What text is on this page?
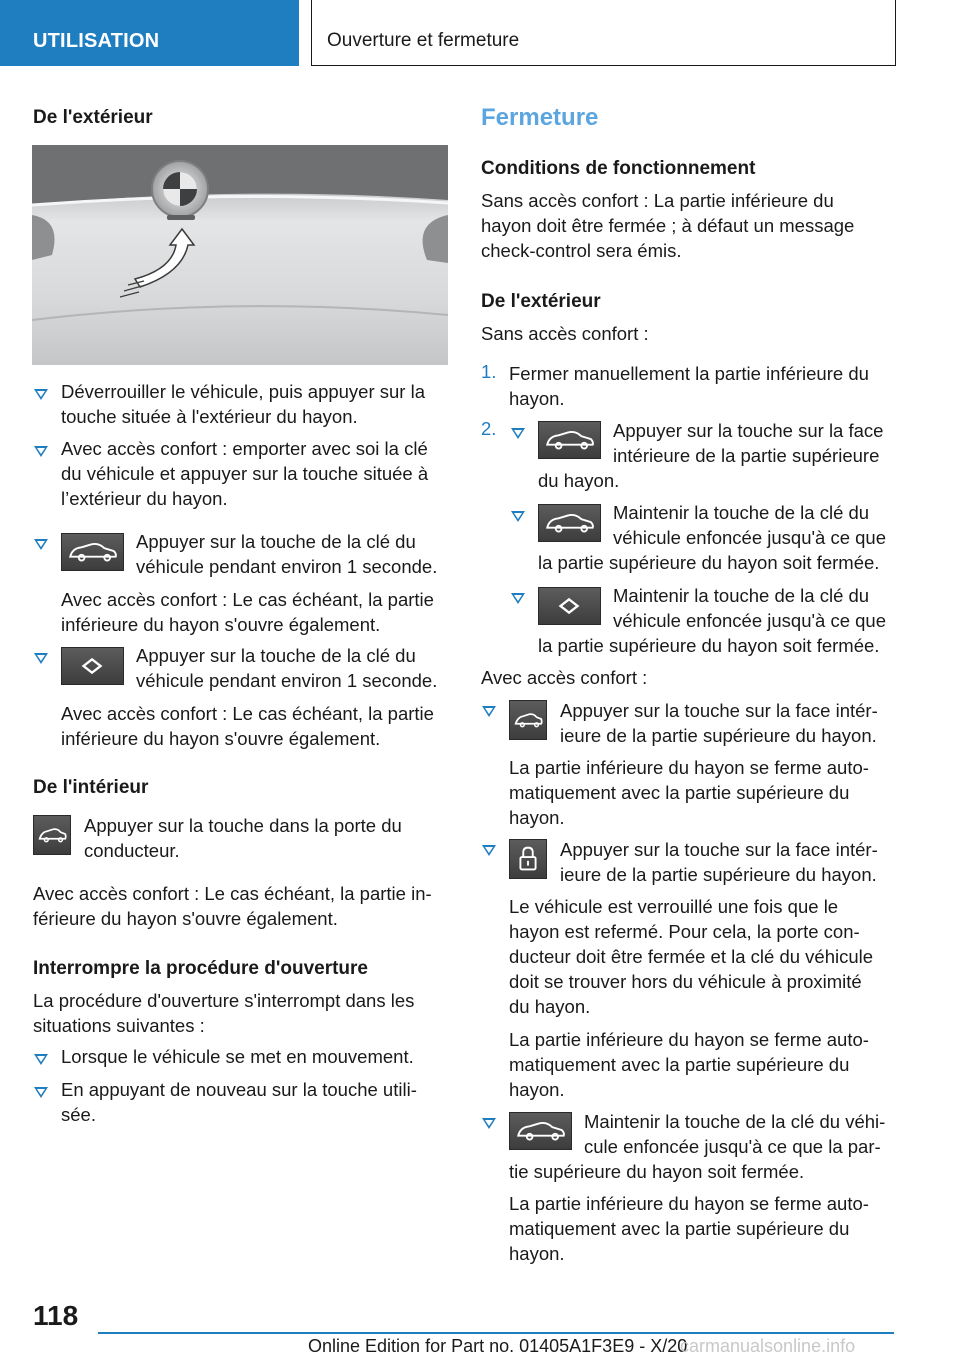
UTILISATION	Ouverture et fermeture
De l'extérieur
Déverrouiller le véhicule, puis appuyer sur la
touche située à l'extérieur du hayon.
Avec accès confort : emporter avec soi la clé
du véhicule et appuyer sur la touche située à
l’extérieur du hayon.
Appuyer sur la touche de la clé du
véhicule pendant environ 1 seconde.
Avec accès confort : Le cas échéant, la partie
inférieure du hayon s'ouvre également.
Appuyer sur la touche de la clé du
véhicule pendant environ 1 seconde.
Avec accès confort : Le cas échéant, la partie
inférieure du hayon s'ouvre également.
De l'intérieur
Appuyer sur la touche dans la porte du
conducteur.
Avec accès confort : Le cas échéant, la partie in-
férieure du hayon s'ouvre également.
Interrompre la procédure d'ouverture
La procédure d'ouverture s'interrompt dans les
situations suivantes :
Lorsque le véhicule se met en mouvement.
En appuyant de nouveau sur la touche utili-
sée.
Fermeture
Conditions de fonctionnement
Sans accès confort : La partie inférieure du
hayon doit être fermée ; à défaut un message
check-control sera émis.
De l'extérieur
Sans accès confort :
1. Fermer manuellement la partie inférieure du
hayon.
2.	Appuyer sur la touche sur la face
intérieure de la partie supérieure
du hayon.
Maintenir la touche de la clé du
véhicule enfoncée jusqu'à ce que
la partie supérieure du hayon soit fermée.
Maintenir la touche de la clé du
véhicule enfoncée jusqu'à ce que
la partie supérieure du hayon soit fermée.
Avec accès confort :
Appuyer sur la touche sur la face intér-
ieure de la partie supérieure du hayon.
La partie inférieure du hayon se ferme auto-
matiquement avec la partie supérieure du
hayon.
Appuyer sur la touche sur la face intér-
ieure de la partie supérieure du hayon.
Le véhicule est verrouillé une fois que le
hayon est refermé. Pour cela, la porte con-
ducteur doit être fermée et la clé du véhicule
doit se trouver hors du véhicule à proximité
du hayon.
La partie inférieure du hayon se ferme auto-
matiquement avec la partie supérieure du
hayon.
Maintenir la touche de la clé du véhi-
cule enfoncée jusqu'à ce que la par-
tie supérieure du hayon soit fermée.
La partie inférieure du hayon se ferme auto-
matiquement avec la partie supérieure du
hayon.
118
Online Edition for Part no. 01405A1F3E9 - X/20
carmanualsonline.info
